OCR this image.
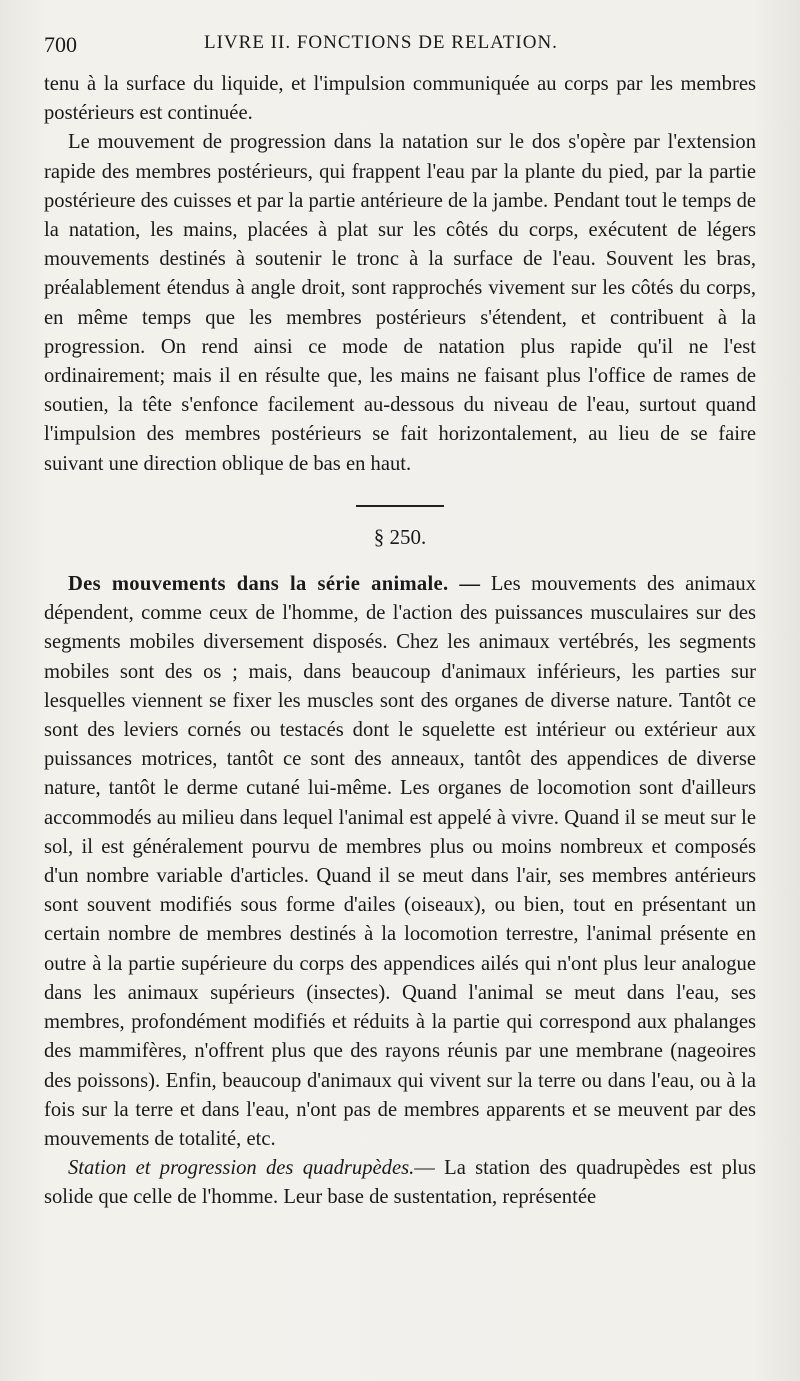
700	LIVRE II. FONCTIONS DE RELATION.

tenu à la surface du liquide, et l'impulsion communiquée au corps par les membres postérieurs est continuée.

Le mouvement de progression dans la natation sur le dos s'opère par l'extension rapide des membres postérieurs, qui frappent l'eau par la plante du pied, par la partie postérieure des cuisses et par la partie antérieure de la jambe. Pendant tout le temps de la natation, les mains, placées à plat sur les côtés du corps, exécutent de légers mouvements destinés à soutenir le tronc à la surface de l'eau. Souvent les bras, préalablement étendus à angle droit, sont rapprochés vivement sur les côtés du corps, en même temps que les membres postérieurs s'étendent, et contribuent à la progression. On rend ainsi ce mode de natation plus rapide qu'il ne l'est ordinairement; mais il en résulte que, les mains ne faisant plus l'office de rames de soutien, la tête s'enfonce facilement au-dessous du niveau de l'eau, surtout quand l'impulsion des membres postérieurs se fait horizontalement, au lieu de se faire suivant une direction oblique de bas en haut.

§ 250.

Des mouvements dans la série animale. — Les mouvements des animaux dépendent, comme ceux de l'homme, de l'action des puissances musculaires sur des segments mobiles diversement disposés. Chez les animaux vertébrés, les segments mobiles sont des os ; mais, dans beaucoup d'animaux inférieurs, les parties sur lesquelles viennent se fixer les muscles sont des organes de diverse nature. Tantôt ce sont des leviers cornés ou testacés dont le squelette est intérieur ou extérieur aux puissances motrices, tantôt ce sont des anneaux, tantôt des appendices de diverse nature, tantôt le derme cutané lui-même. Les organes de locomotion sont d'ailleurs accommodés au milieu dans lequel l'animal est appelé à vivre. Quand il se meut sur le sol, il est généralement pourvu de membres plus ou moins nombreux et composés d'un nombre variable d'articles. Quand il se meut dans l'air, ses membres antérieurs sont souvent modifiés sous forme d'ailes (oiseaux), ou bien, tout en présentant un certain nombre de membres destinés à la locomotion terrestre, l'animal présente en outre à la partie supérieure du corps des appendices ailés qui n'ont plus leur analogue dans les animaux supérieurs (insectes). Quand l'animal se meut dans l'eau, ses membres, profondément modifiés et réduits à la partie qui correspond aux phalanges des mammifères, n'offrent plus que des rayons réunis par une membrane (nageoires des poissons). Enfin, beaucoup d'animaux qui vivent sur la terre ou dans l'eau, ou à la fois sur la terre et dans l'eau, n'ont pas de membres apparents et se meuvent par des mouvements de totalité, etc.

Station et progression des quadrupèdes.— La station des quadrupèdes est plus solide que celle de l'homme. Leur base de sustentation, représentée
